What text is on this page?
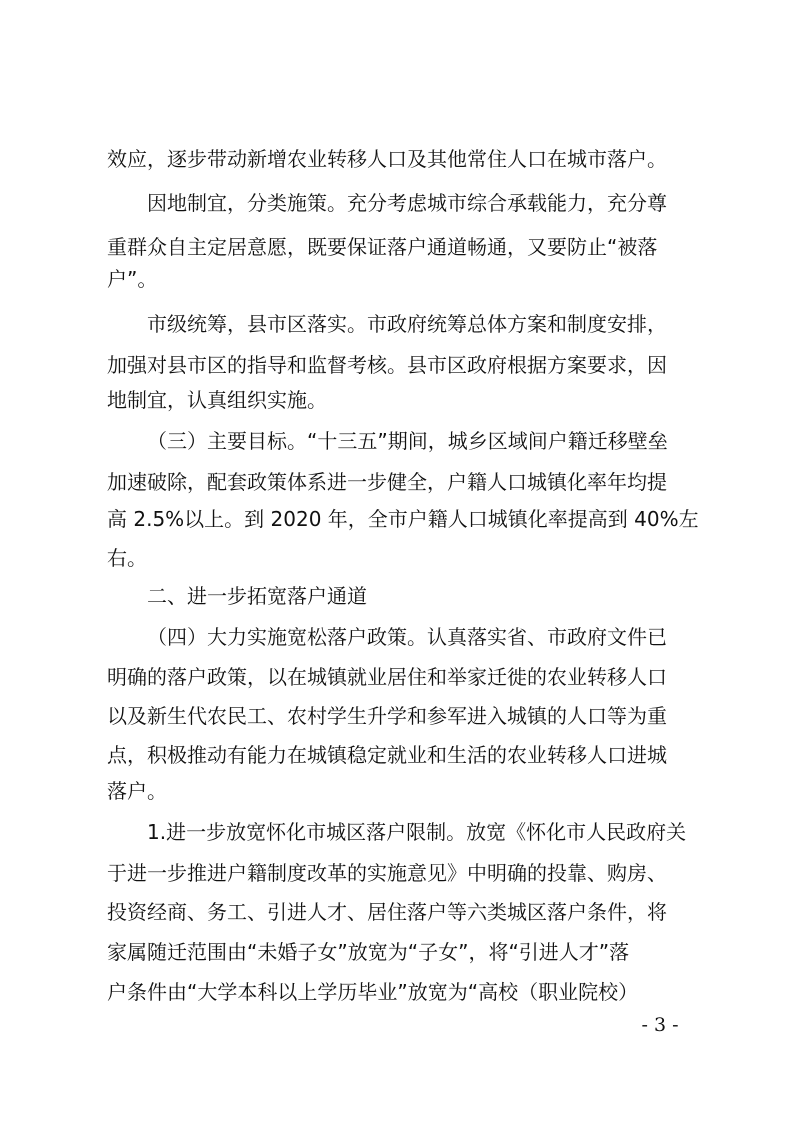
效应，逐步带动新增农业转移人口及其他常住人口在城市落户。
因地制宜，分类施策。充分考虑城市综合承载能力，充分尊
重群众自主定居意愿，既要保证落户通道畅通，又要防止“被落
户”。
市级统筹，县市区落实。市政府统筹总体方案和制度安排，
加强对县市区的指导和监督考核。县市区政府根据方案要求，因
地制宜，认真组织实施。
（三）主要目标。“十三五”期间，城乡区域间户籍迁移壁垒
加速破除，配套政策体系进一步健全，户籍人口城镇化率年均提
高 2.5%以上。到 2020 年，全市户籍人口城镇化率提高到 40%左
右。
二、进一步拓宽落户通道
（四）大力实施宽松落户政策。认真落实省、市政府文件已
明确的落户政策，以在城镇就业居住和举家迁徙的农业转移人口
以及新生代农民工、农村学生升学和参军进入城镇的人口等为重
点，积极推动有能力在城镇稳定就业和生活的农业转移人口进城
落户。
1.进一步放宽怀化市城区落户限制。放宽《怀化市人民政府关
于进一步推进户籍制度改革的实施意见》中明确的投靠、购房、
投资经商、务工、引进人才、居住落户等六类城区落户条件，将
家属随迁范围由“未婚子女”放宽为“子女”，将“引进人才”落
户条件由“大学本科以上学历毕业”放宽为“高校（职业院校）
- 3 -
